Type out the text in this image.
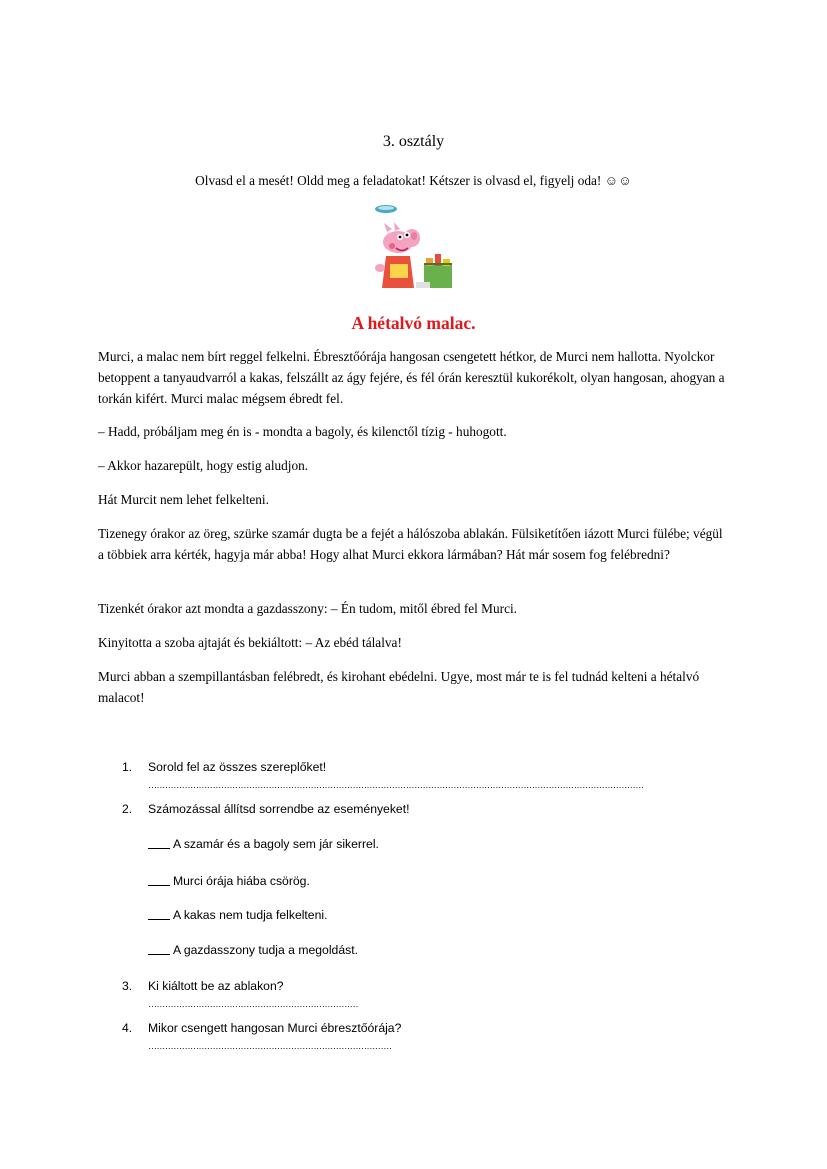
3. osztály
Olvasd el a mesét! Oldd meg a feladatokat! Kétszer is olvasd el, figyelj oda! ☺☺
A hétalvó malac.

Murci, a malac nem bírt reggel felkelni. Ébresztőórája hangosan csengetett hétkor, de Murci nem hallotta. Nyolckor betoppent a tanyaudvarról a kakas, felszállt az ágy fejére, és fél órán keresztül kukorékolt, olyan hangosan, ahogyan a torkán kifért. Murci malac mégsem ébredt fel.

– Hadd, próbáljam meg én is - mondta a bagoly, és kilenctől tízig - huhogott.

– Akkor hazarepült, hogy estig aludjon.

Hát Murcit nem lehet felkelteni.

Tizenegy órakor az öreg, szürke szamár dugta be a fejét a hálószoba ablakán. Fülsiketítően iázott Murci fülébe; végül a többiek arra kérték, hagyja már abba! Hogy alhat Murci ekkora lármában? Hát már sosem fog felébredni?

Tizenkét órakor azt mondta a gazdasszony: – Én tudom, mitől ébred fel Murci.

Kinyitotta a szoba ajtaját és bekiáltott: – Az ebéd tálalva!

Murci abban a szempillantásban felébredt, és kirohant ebédelni. Ugye, most már te is fel tudnád kelteni a hétalvó malacot!

1. Sorold fel az összes szereplőket!
……………………………………………………………………………………………………………………………………………………………
2. Számozással állítsd sorrendbe az eseményeket!
A szamár és a bagoly sem jár sikerrel.
Murci órája hiába csörög.
A kakas nem tudja felkelteni.
A gazdasszony tudja a megoldást.
3. Ki kiáltott be az ablakon?
…………………………………………………………………
4. Mikor csengett hangosan Murci ébresztőórája?
……………………………………………………………………………
